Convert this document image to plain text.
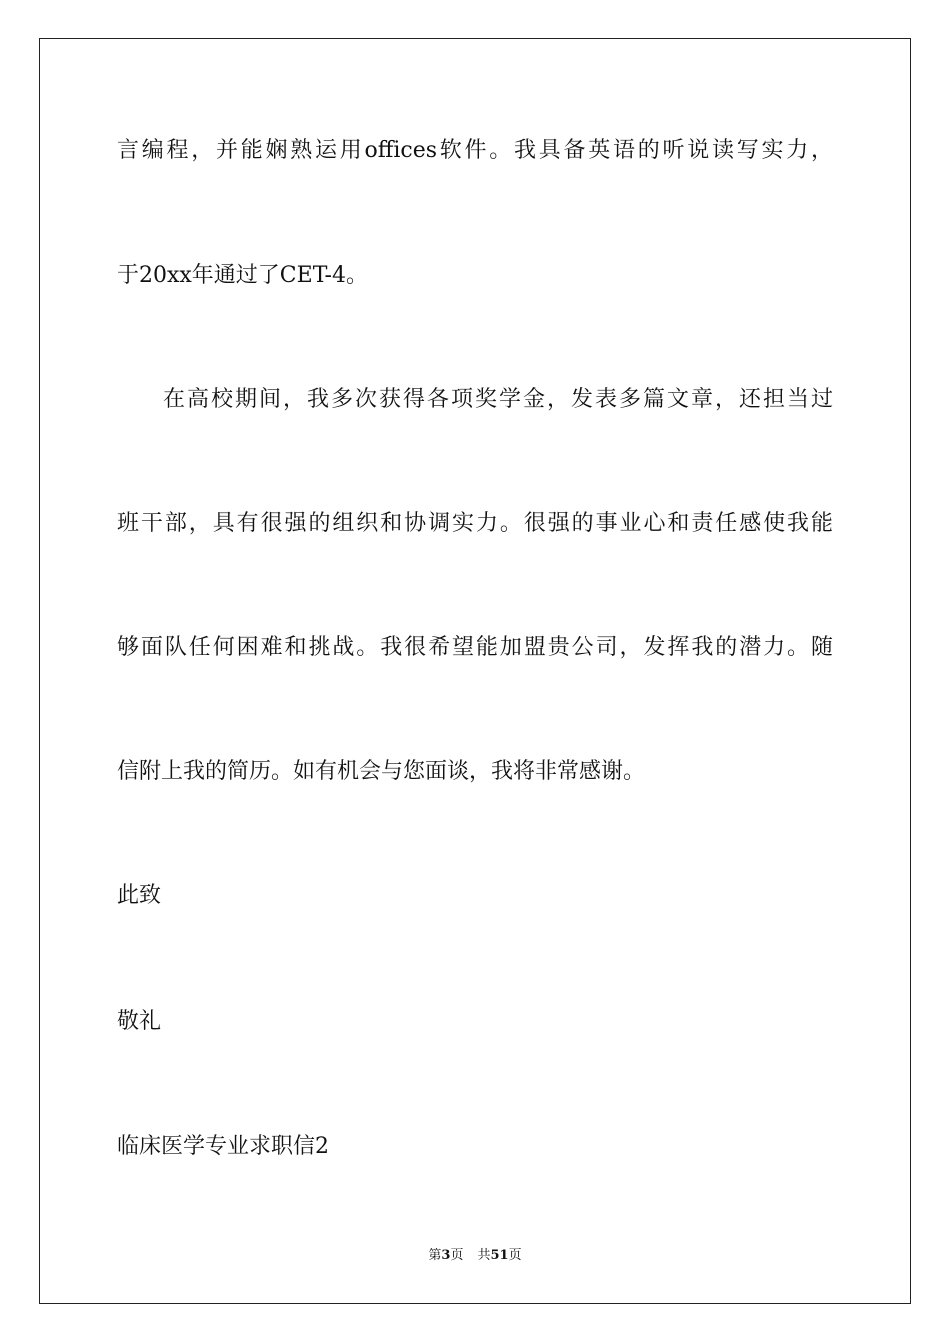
言编程，并能娴熟运用offices软件。我具备英语的听说读写实力，

于20xx年通过了CET-4。

在高校期间，我多次获得各项奖学金，发表多篇文章，还担当过

班干部，具有很强的组织和协调实力。很强的事业心和责任感使我能

够面队任何困难和挑战。我很希望能加盟贵公司，发挥我的潜力。随

信附上我的简历。如有机会与您面谈，我将非常感谢。

此致

敬礼

临床医学专业求职信2

第3页 共51页
